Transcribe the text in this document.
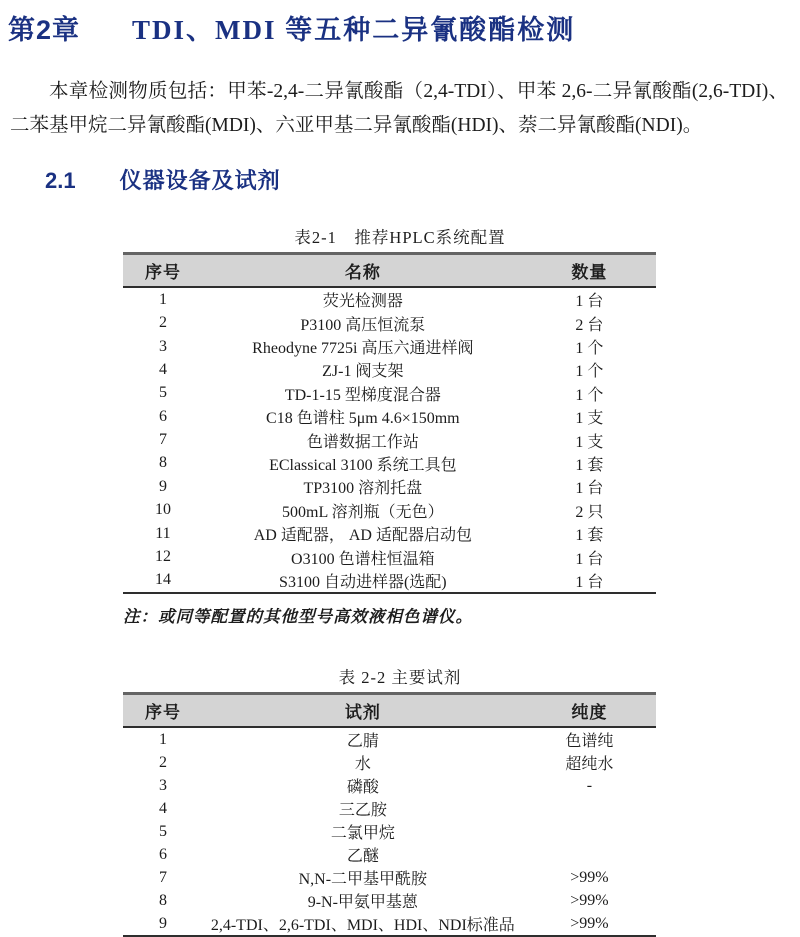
第2章 TDI、MDI 等五种二异氰酸酯检测

本章检测物质包括：甲苯-2,4-二异氰酸酯（2,4-TDI）、甲苯 2,6-二异氰酸酯(2,6-TDI)、二苯基甲烷二异氰酸酯(MDI)、六亚甲基二异氰酸酯(HDI)、萘二异氰酸酯(NDI)。

2.1 仪器设备及试剂
表2-1　推荐HPLC系统配置
序号	名称	数量
1	荧光检测器	1 台
2	P3100 高压恒流泵	2 台
3	Rheodyne 7725i 高压六通进样阀	1 个
4	ZJ-1 阀支架	1 个
5	TD-1-15 型梯度混合器	1 个
6	C18 色谱柱 5μm 4.6×150mm	1 支
7	色谱数据工作站	1 支
8	EClassical 3100 系统工具包	1 套
9	TP3100 溶剂托盘	1 台
10	500mL 溶剂瓶（无色）	2 只
11	AD 适配器， AD 适配器启动包	1 套
12	O3100 色谱柱恒温箱	1 台
14	S3100 自动进样器(选配)	1 台
注：或同等配置的其他型号高效液相色谱仪。
表 2-2 主要试剂
序号	试剂	纯度
1	乙腈	色谱纯
2	水	超纯水
3	磷酸	-
4	三乙胺	
5	二氯甲烷	
6	乙醚	
7	N,N-二甲基甲酰胺	>99%
8	9-N-甲氨甲基蒽	>99%
9	2,4-TDI、2,6-TDI、MDI、HDI、NDI标准品	>99%
